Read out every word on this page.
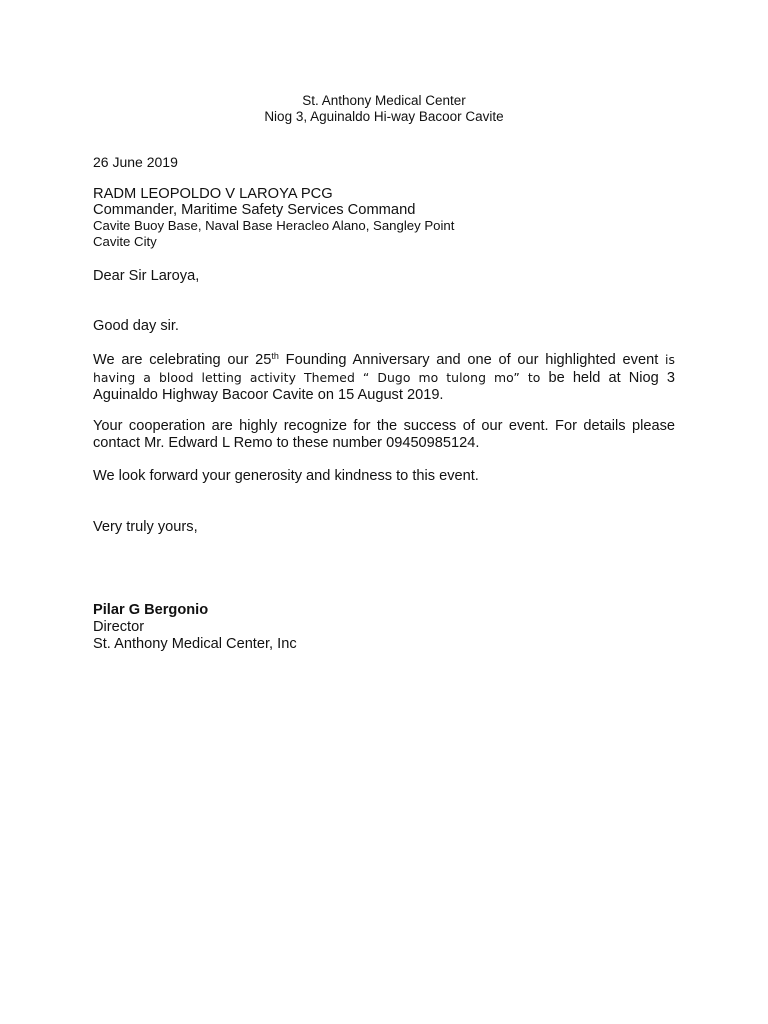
St. Anthony Medical Center
Niog 3, Aguinaldo Hi-way Bacoor Cavite
26 June 2019
RADM LEOPOLDO V LAROYA PCG
Commander, Maritime Safety Services Command
Cavite Buoy Base, Naval Base Heracleo Alano, Sangley Point
Cavite City

Dear Sir Laroya,

Good day sir.

We are celebrating our 25th Founding Anniversary and one of our highlighted event is having a blood letting activity Themed “ Dugo mo tulong mo” to be held at Niog 3 Aguinaldo Highway Bacoor Cavite on 15 August 2019.

Your cooperation are highly recognize for the success of our event. For details please contact Mr. Edward L Remo to these number 09450985124.

We look forward your generosity and kindness to this event.

Very truly yours,

Pilar G Bergonio
Director
St. Anthony Medical Center, Inc
